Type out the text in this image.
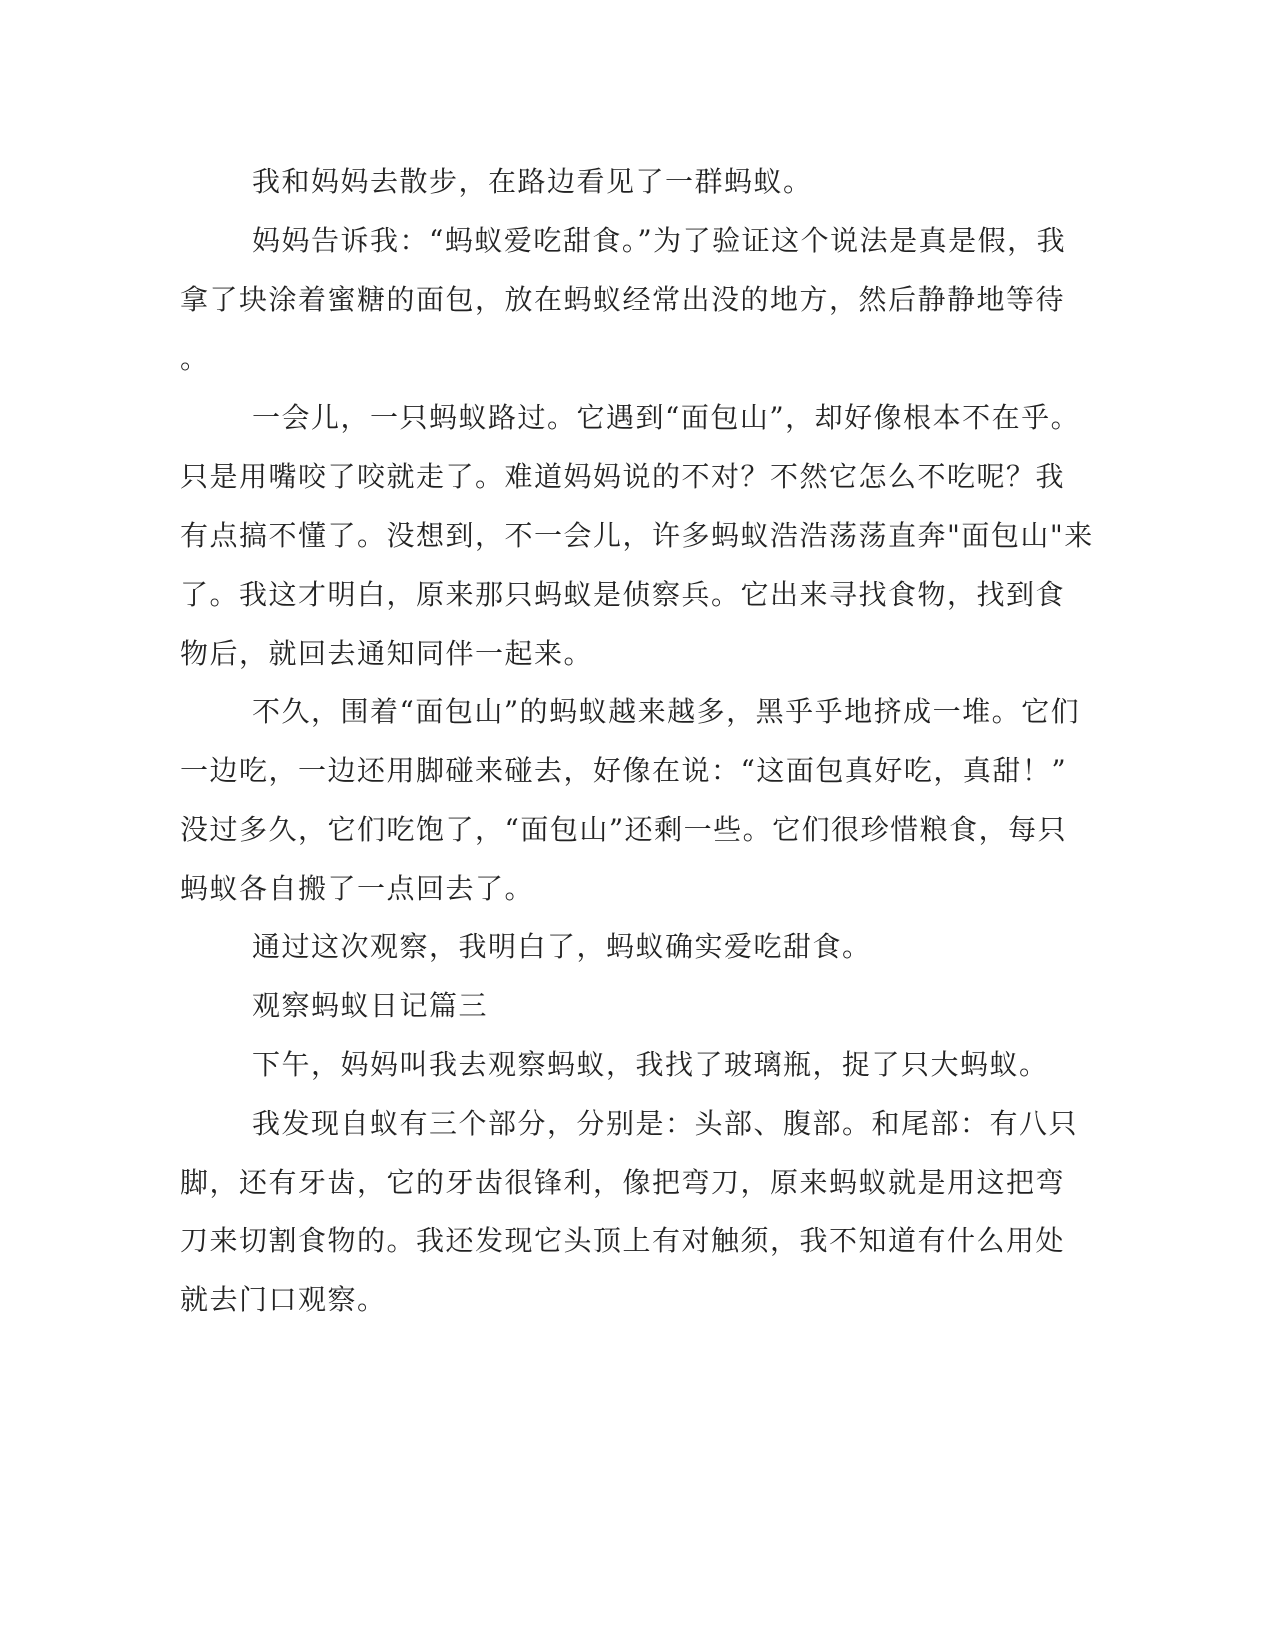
我和妈妈去散步，在路边看见了一群蚂蚁。

妈妈告诉我：“蚂蚁爱吃甜食。”为了验证这个说法是真是假，我

拿了块涂着蜜糖的面包，放在蚂蚁经常出没的地方，然后静静地等待

。

一会儿，一只蚂蚁路过。它遇到“面包山”，却好像根本不在乎。

只是用嘴咬了咬就走了。难道妈妈说的不对？不然它怎么不吃呢？我

有点搞不懂了。没想到，不一会儿，许多蚂蚁浩浩荡荡直奔"面包山"来

了。我这才明白，原来那只蚂蚁是侦察兵。它出来寻找食物，找到食

物后，就回去通知同伴一起来。

不久，围着“面包山”的蚂蚁越来越多，黑乎乎地挤成一堆。它们

一边吃，一边还用脚碰来碰去，好像在说：“这面包真好吃，真甜！”

没过多久，它们吃饱了，“面包山”还剩一些。它们很珍惜粮食，每只

蚂蚁各自搬了一点回去了。

通过这次观察，我明白了，蚂蚁确实爱吃甜食。

观察蚂蚁日记篇三

下午，妈妈叫我去观察蚂蚁，我找了玻璃瓶，捉了只大蚂蚁。

我发现自蚁有三个部分，分别是：头部、腹部。和尾部：有八只

脚，还有牙齿，它的牙齿很锋利，像把弯刀，原来蚂蚁就是用这把弯

刀来切割食物的。我还发现它头顶上有对触须，我不知道有什么用处

就去门口观察。
